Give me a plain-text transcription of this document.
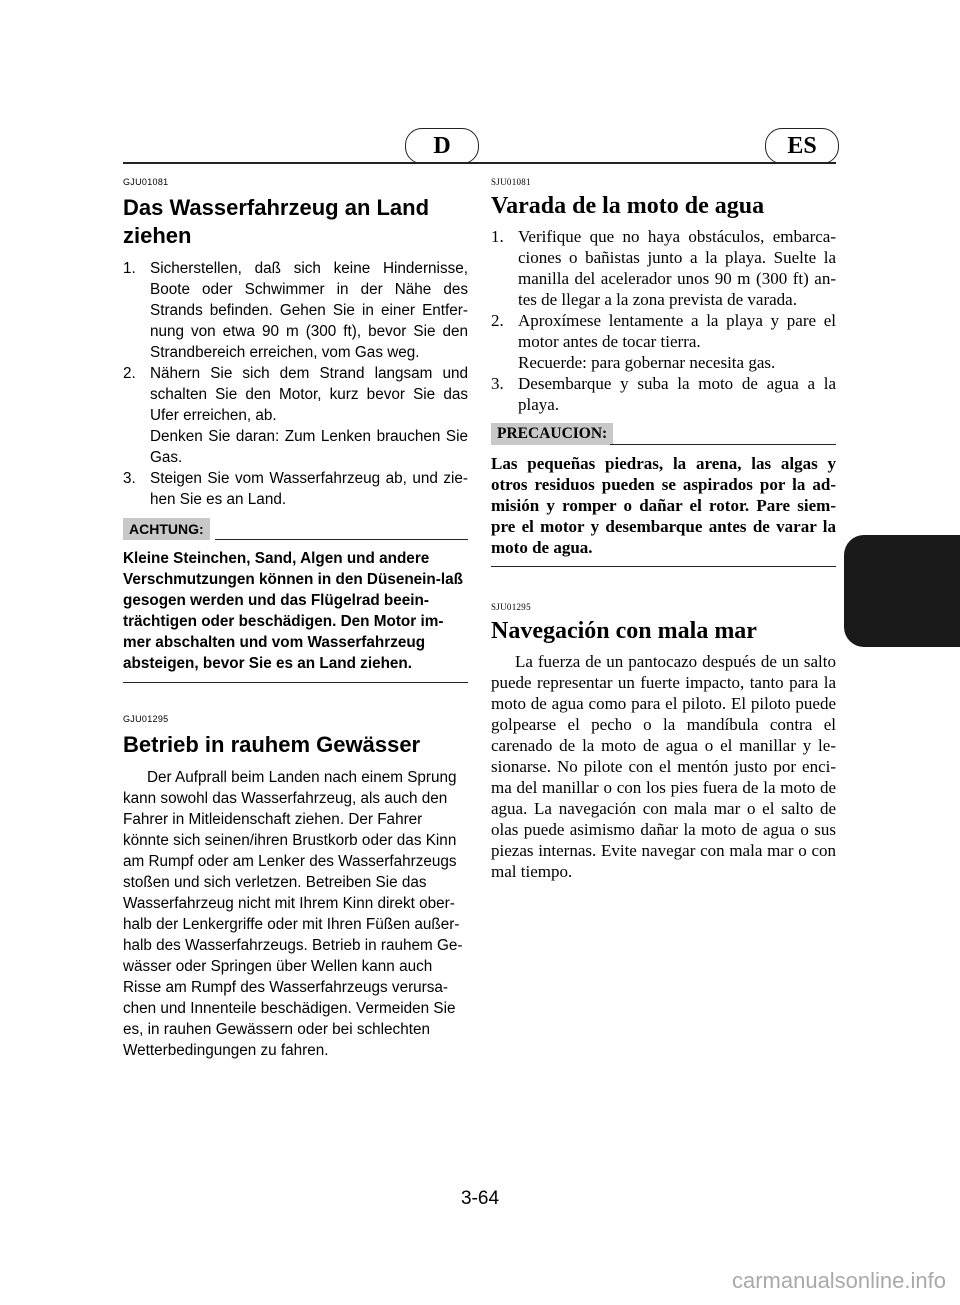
D	ES
GJU01081
Das Wasserfahrzeug an Land ziehen
1. Sicherstellen, daß sich keine Hindernisse, Boote oder Schwimmer in der Nähe des Strands befinden. Gehen Sie in einer Entfer-nung von etwa 90 m (300 ft), bevor Sie den Strandbereich erreichen, vom Gas weg.
2. Nähern Sie sich dem Strand langsam und schalten Sie den Motor, kurz bevor Sie das Ufer erreichen, ab.
Denken Sie daran: Zum Lenken brauchen Sie Gas.
3. Steigen Sie vom Wasserfahrzeug ab, und zie-hen Sie es an Land.
ACHTUNG:
Kleine Steinchen, Sand, Algen und andere Verschmutzungen können in den Düsenein-laß gesogen werden und das Flügelrad beein-trächtigen oder beschädigen. Den Motor im-mer abschalten und vom Wasserfahrzeug absteigen, bevor Sie es an Land ziehen.
GJU01295
Betrieb in rauhem Gewässer
Der Aufprall beim Landen nach einem Sprung kann sowohl das Wasserfahrzeug, als auch den Fahrer in Mitleidenschaft ziehen. Der Fahrer könnte sich seinen/ihren Brustkorb oder das Kinn am Rumpf oder am Lenker des Wasserfahrzeugs stoßen und sich verletzen. Betreiben Sie das Wasserfahrzeug nicht mit Ihrem Kinn direkt ober-halb der Lenkergriffe oder mit Ihren Füßen außer-halb des Wasserfahrzeugs. Betrieb in rauhem Ge-wässer oder Springen über Wellen kann auch Risse am Rumpf des Wasserfahrzeugs verursa-chen und Innenteile beschädigen. Vermeiden Sie es, in rauhen Gewässern oder bei schlechten Wetterbedingungen zu fahren.
SJU01081
Varada de la moto de agua
1. Verifique que no haya obstáculos, embarca-ciones o bañistas junto a la playa. Suelte la manilla del acelerador unos 90 m (300 ft) an-tes de llegar a la zona prevista de varada.
2. Aproxímese lentamente a la playa y pare el motor antes de tocar tierra.
Recuerde: para gobernar necesita gas.
3. Desembarque y suba la moto de agua a la playa.
PRECAUCION:
Las pequeñas piedras, la arena, las algas y otros residuos pueden se aspirados por la ad-misión y romper o dañar el rotor. Pare siem-pre el motor y desembarque antes de varar la moto de agua.
SJU01295
Navegación con mala mar
La fuerza de un pantocazo después de un salto puede representar un fuerte impacto, tanto para la moto de agua como para el piloto. El piloto puede golpearse el pecho o la mandíbula contra el carenado de la moto de agua o el manillar y le-sionarse. No pilote con el mentón justo por enci-ma del manillar o con los pies fuera de la moto de agua. La navegación con mala mar o el salto de olas puede asimismo dañar la moto de agua o sus piezas internas. Evite navegar con mala mar o con mal tiempo.
3-64
carmanualsonline.info
